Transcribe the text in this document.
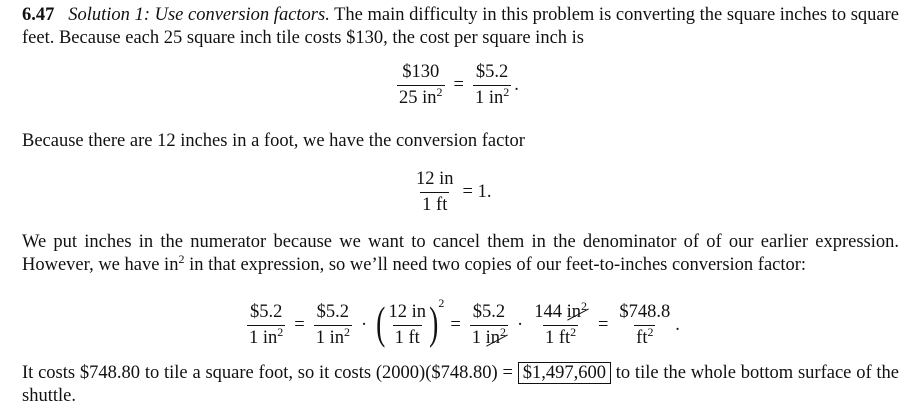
6.47 Solution 1: Use conversion factors. The main difficulty in this problem is converting the square inches to square feet. Because each 25 square inch tile costs $130, the cost per square inch is
$\frac{\$130}{25 in^2} = \frac{\$5.2}{1 in^2}$ .
Because there are 12 inches in a foot, we have the conversion factor
$\frac{12 in}{1 ft} = 1$.
We put inches in the numerator because we want to cancel them in the denominator of of our earlier expression. However, we have $in^2$ in that expression, so we’ll need two copies of our feet-to-inches conversion factor:
$\frac{\$5.2}{1 in^2} = \frac{\$5.2}{1 in^2}$ · ( $\frac{12 in}{1 ft}$ ) 2
= $\frac{\$5.2}{1 in^2} \cdot \frac{144 in^2}{1 ft^2} = \frac{\$748.8}{ft^2}$ .
It costs $748.80 to tile a square foot, so it costs (2000)($748.80) = $1,497,600 to tile the whole bottom surface of the shuttle.
